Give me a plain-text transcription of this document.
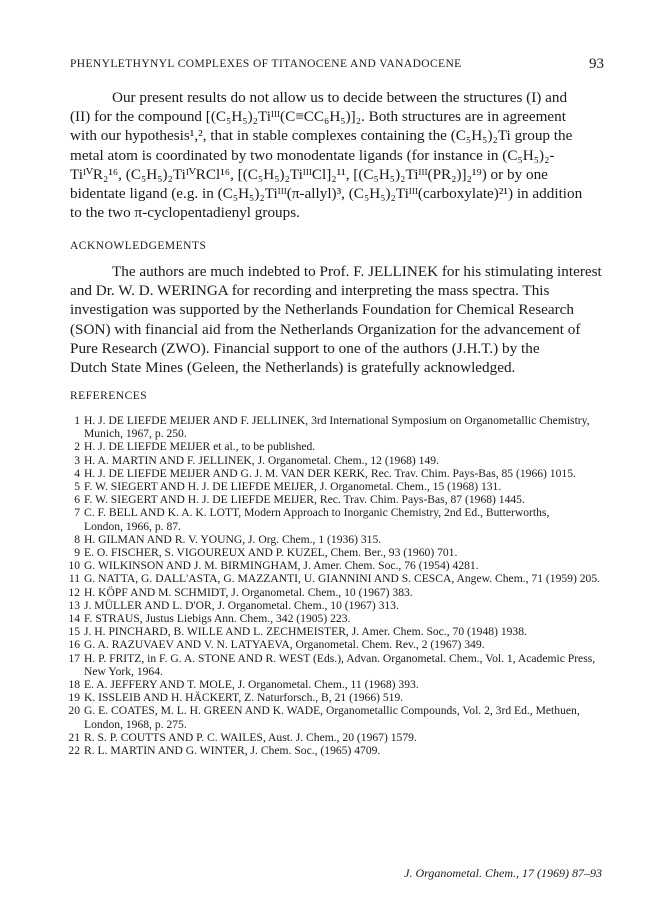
PHENYLETHYNYL COMPLEXES OF TITANOCENE AND VANADOCENE	93
Our present results do not allow us to decide between the structures (I) and
(II) for the compound [(C₅H₅)₂Tiᴵᴵᴵ(C≡CC₆H₅)]₂. Both structures are in agreement
with our hypothesis¹,², that in stable complexes containing the (C₅H₅)₂Ti group the
metal atom is coordinated by two monodentate ligands (for instance in (C₅H₅)₂-
TiᴵⱽR₂¹⁶, (C₅H₅)₂TiᴵⱽRCl¹⁶, [(C₅H₅)₂TiᴵᴵᴵCl]₂¹¹, [(C₅H₅)₂Tiᴵᴵᴵ(PR₂)]₂¹⁹) or by one
bidentate ligand (e.g. in (C₅H₅)₂Tiᴵᴵᴵ(π-allyl)³, (C₅H₅)₂Tiᴵᴵᴵ(carboxylate)²¹) in addition
to the two π-cyclopentadienyl groups.
ACKNOWLEDGEMENTS
The authors are much indebted to Prof. F. JELLINEK for his stimulating interest
and Dr. W. D. WERINGA for recording and interpreting the mass spectra. This
investigation was supported by the Netherlands Foundation for Chemical Research
(SON) with financial aid from the Netherlands Organization for the advancement of
Pure Research (ZWO). Financial support to one of the authors (J.H.T.) by the
Dutch State Mines (Geleen, the Netherlands) is gratefully acknowledged.
REFERENCES
1 H. J. DE LIEFDE MEIJER AND F. JELLINEK, 3rd International Symposium on Organometallic Chemistry,
Munich, 1967, p. 250.
2 H. J. DE LIEFDE MEIJER et al., to be published.
3 H. A. MARTIN AND F. JELLINEK, J. Organometal. Chem., 12 (1968) 149.
4 H. J. DE LIEFDE MEIJER AND G. J. M. VAN DER KERK, Rec. Trav. Chim. Pays-Bas, 85 (1966) 1015.
5 F. W. SIEGERT AND H. J. DE LIEFDE MEIJER, J. Organometal. Chem., 15 (1968) 131.
6 F. W. SIEGERT AND H. J. DE LIEFDE MEIJER, Rec. Trav. Chim. Pays-Bas, 87 (1968) 1445.
7 C. F. BELL AND K. A. K. LOTT, Modern Approach to Inorganic Chemistry, 2nd Ed., Butterworths,
London, 1966, p. 87.
8 H. GILMAN AND R. V. YOUNG, J. Org. Chem., 1 (1936) 315.
9 E. O. FISCHER, S. VIGOUREUX AND P. KUZEL, Chem. Ber., 93 (1960) 701.
10 G. WILKINSON AND J. M. BIRMINGHAM, J. Amer. Chem. Soc., 76 (1954) 4281.
11 G. NATTA, G. DALL'ASTA, G. MAZZANTI, U. GIANNINI AND S. CESCA, Angew. Chem., 71 (1959) 205.
12 H. KÖPF AND M. SCHMIDT, J. Organometal. Chem., 10 (1967) 383.
13 J. MÜLLER AND L. D'OR, J. Organometal. Chem., 10 (1967) 313.
14 F. STRAUS, Justus Liebigs Ann. Chem., 342 (1905) 223.
15 J. H. PINCHARD, B. WILLE AND L. ZECHMEISTER, J. Amer. Chem. Soc., 70 (1948) 1938.
16 G. A. RAZUVAEV AND V. N. LATYAEVA, Organometal. Chem. Rev., 2 (1967) 349.
17 H. P. FRITZ, in F. G. A. STONE AND R. WEST (Eds.), Advan. Organometal. Chem., Vol. 1, Academic Press,
New York, 1964.
18 E. A. JEFFERY AND T. MOLE, J. Organometal. Chem., 11 (1968) 393.
19 K. ISSLEIB AND H. HÄCKERT, Z. Naturforsch., B, 21 (1966) 519.
20 G. E. COATES, M. L. H. GREEN AND K. WADE, Organometallic Compounds, Vol. 2, 3rd Ed., Methuen,
London, 1968, p. 275.
21 R. S. P. COUTTS AND P. C. WAILES, Aust. J. Chem., 20 (1967) 1579.
22 R. L. MARTIN AND G. WINTER, J. Chem. Soc., (1965) 4709.
J. Organometal. Chem., 17 (1969) 87–93
